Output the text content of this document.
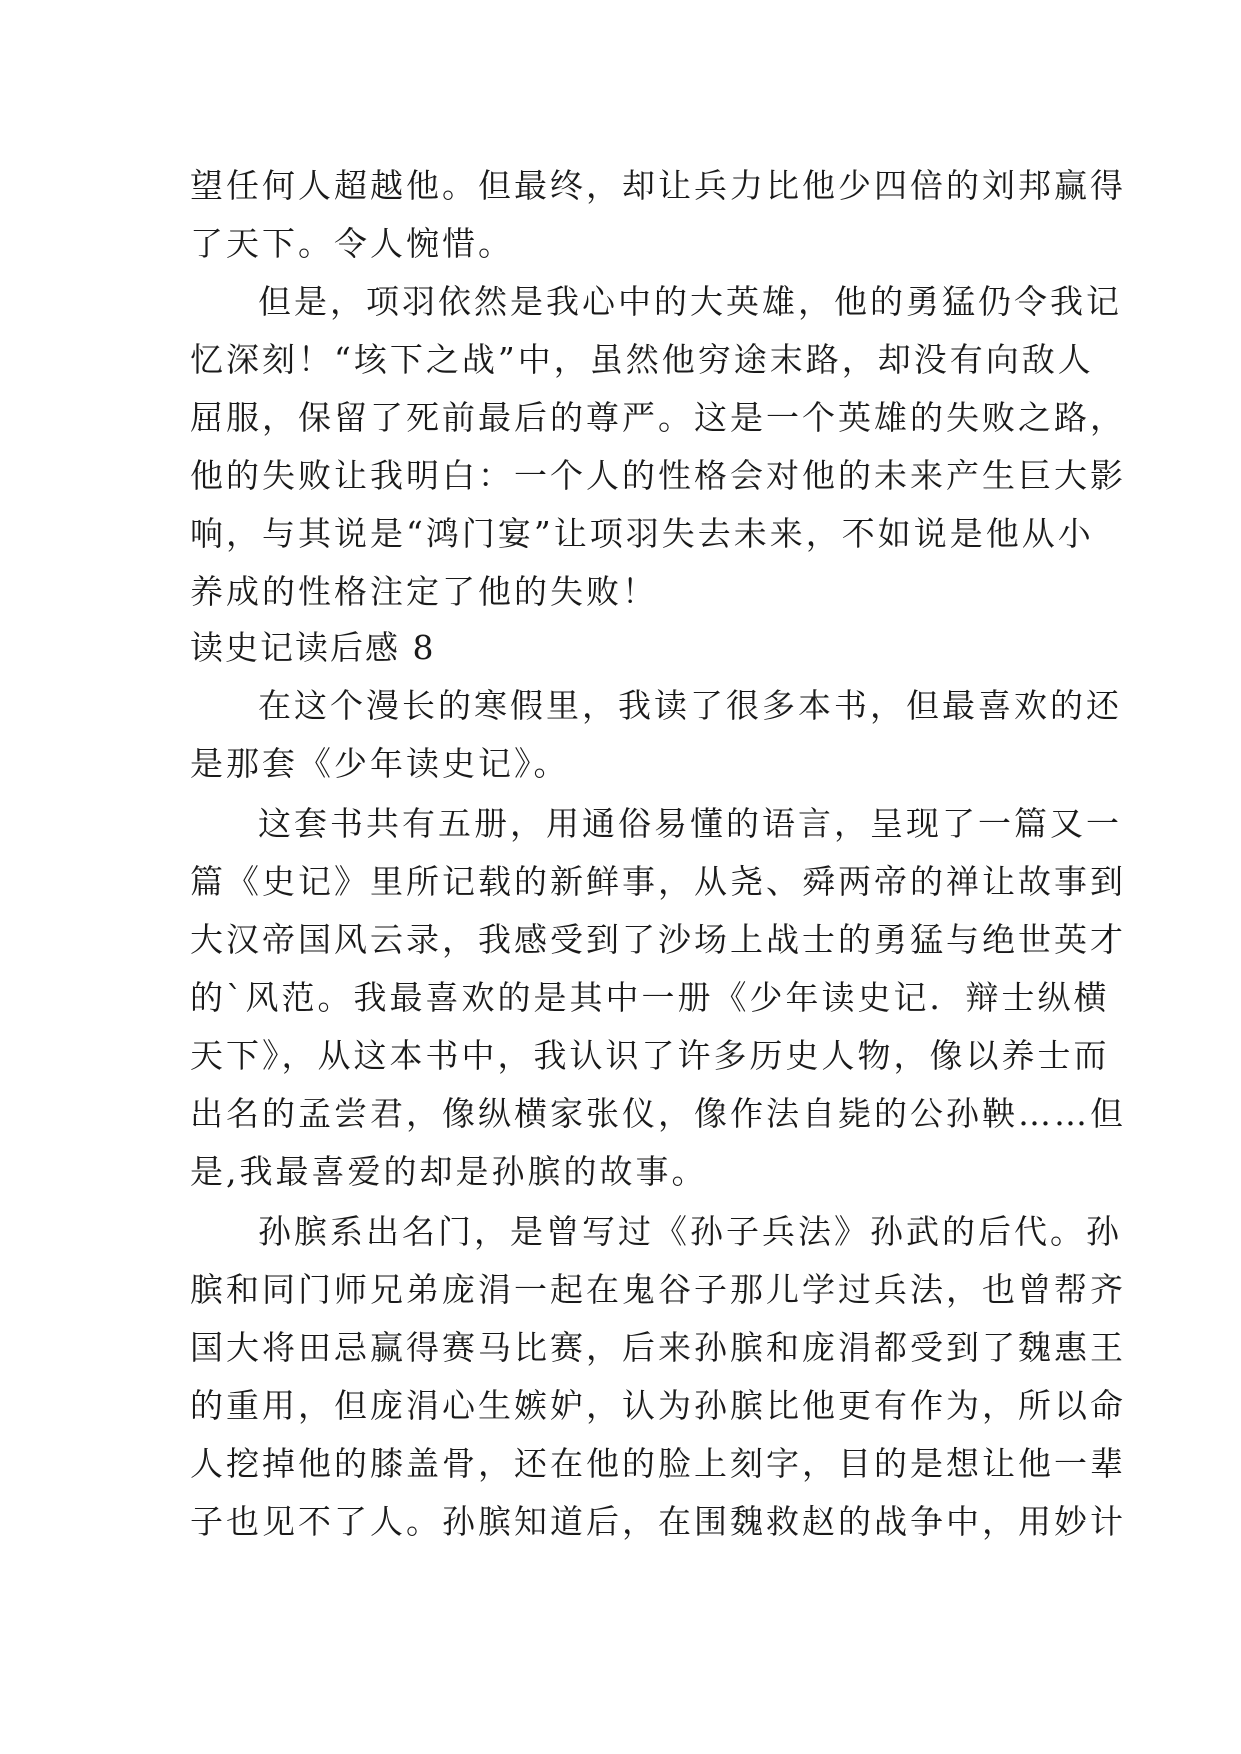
望任何人超越他。但最终，却让兵力比他少四倍的刘邦赢得
了天下。令人惋惜。
但是，项羽依然是我心中的大英雄，他的勇猛仍令我记
忆深刻！“垓下之战”中，虽然他穷途末路，却没有向敌人
屈服，保留了死前最后的尊严。这是一个英雄的失败之路，
他的失败让我明白：一个人的性格会对他的未来产生巨大影
响，与其说是“鸿门宴”让项羽失去未来，不如说是他从小
养成的性格注定了他的失败！
读史记读后感 8
在这个漫长的寒假里，我读了很多本书，但最喜欢的还
是那套《少年读史记》。
这套书共有五册，用通俗易懂的语言，呈现了一篇又一
篇《史记》里所记载的新鲜事，从尧、舜两帝的禅让故事到
大汉帝国风云录，我感受到了沙场上战士的勇猛与绝世英才
的`风范。我最喜欢的是其中一册《少年读史记．辩士纵横
天下》，从这本书中，我认识了许多历史人物，像以养士而
出名的孟尝君，像纵横家张仪，像作法自毙的公孙鞅……但
是,我最喜爱的却是孙膑的故事。
孙膑系出名门，是曾写过《孙子兵法》孙武的后代。孙
膑和同门师兄弟庞涓一起在鬼谷子那儿学过兵法，也曾帮齐
国大将田忌赢得赛马比赛，后来孙膑和庞涓都受到了魏惠王
的重用，但庞涓心生嫉妒，认为孙膑比他更有作为，所以命
人挖掉他的膝盖骨，还在他的脸上刻字，目的是想让他一辈
子也见不了人。孙膑知道后，在围魏救赵的战争中，用妙计
